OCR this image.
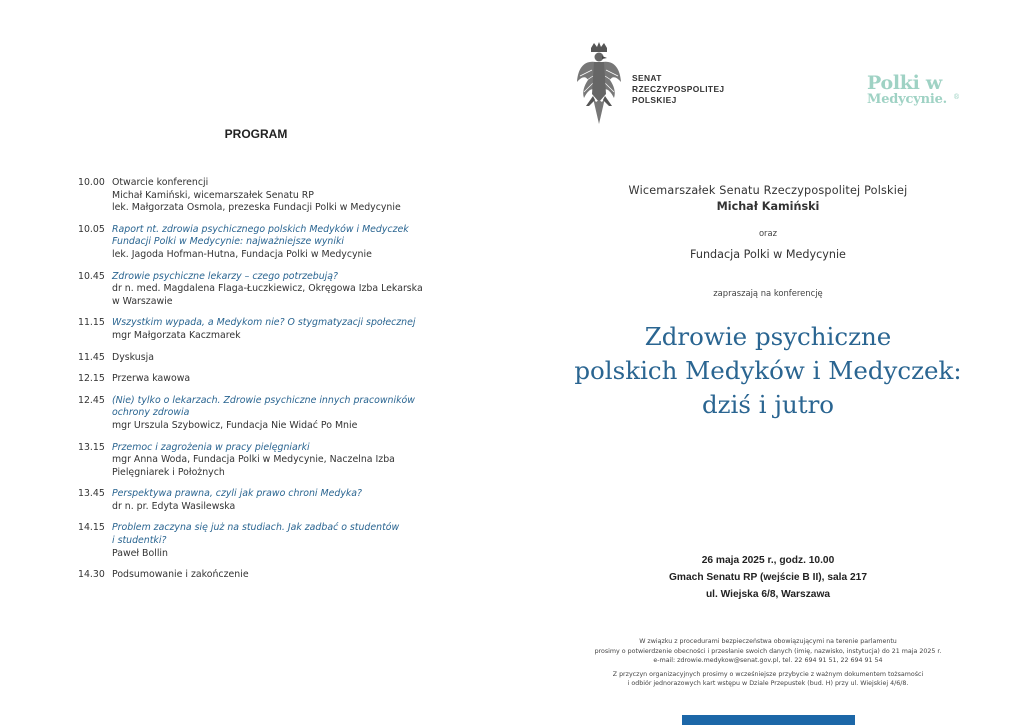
PROGRAM
10.00 Otwarcie konferencji
Michał Kamiński, wicemarszałek Senatu RP
lek. Małgorzata Osmola, prezeska Fundacji Polki w Medycynie
10.05 Raport nt. zdrowia psychicznego polskich Medyków i Medyczek
Fundacji Polki w Medycynie: najważniejsze wyniki
lek. Jagoda Hofman-Hutna, Fundacja Polki w Medycynie
10.45 Zdrowie psychiczne lekarzy – czego potrzebują?
dr n. med. Magdalena Flaga-Łuczkiewicz, Okręgowa Izba Lekarska
w Warszawie
11.15 Wszystkim wypada, a Medykom nie? O stygmatyzacji społecznej
mgr Małgorzata Kaczmarek
11.45 Dyskusja
12.15 Przerwa kawowa
12.45 (Nie) tylko o lekarzach. Zdrowie psychiczne innych pracowników
ochrony zdrowia
mgr Urszula Szybowicz, Fundacja Nie Widać Po Mnie
13.15 Przemoc i zagrożenia w pracy pielęgniarki
mgr Anna Woda, Fundacja Polki w Medycynie, Naczelna Izba
Pielęgniarek i Położnych
13.45 Perspektywa prawna, czyli jak prawo chroni Medyka?
dr n. pr. Edyta Wasilewska
14.15 Problem zaczyna się już na studiach. Jak zadbać o studentów
i studentki?
Paweł Bollin
14.30 Podsumowanie i zakończenie
SENAT
RZECZYPOSPOLITEJ
POLSKIEJ
Polki w
Medycynie. ®
Wicemarszałek Senatu Rzeczypospolitej Polskiej
Michał Kamiński
oraz
Fundacja Polki w Medycynie
zapraszają na konferencję
Zdrowie psychiczne
polskich Medyków i Medyczek:
dziś i jutro
26 maja 2025 r., godz. 10.00
Gmach Senatu RP (wejście B II), sala 217
ul. Wiejska 6/8, Warszawa
W związku z procedurami bezpieczeństwa obowiązującymi na terenie parlamentu
prosimy o potwierdzenie obecności i przesłanie swoich danych (imię, nazwisko, instytucja) do 21 maja 2025 r.
e-mail: zdrowie.medykow@senat.gov.pl, tel. 22 694 91 51, 22 694 91 54
Z przyczyn organizacyjnych prosimy o wcześniejsze przybycie z ważnym dokumentem tożsamości
i odbiór jednorazowych kart wstępu w Dziale Przepustek (bud. H) przy ul. Wiejskiej 4/6/8.
